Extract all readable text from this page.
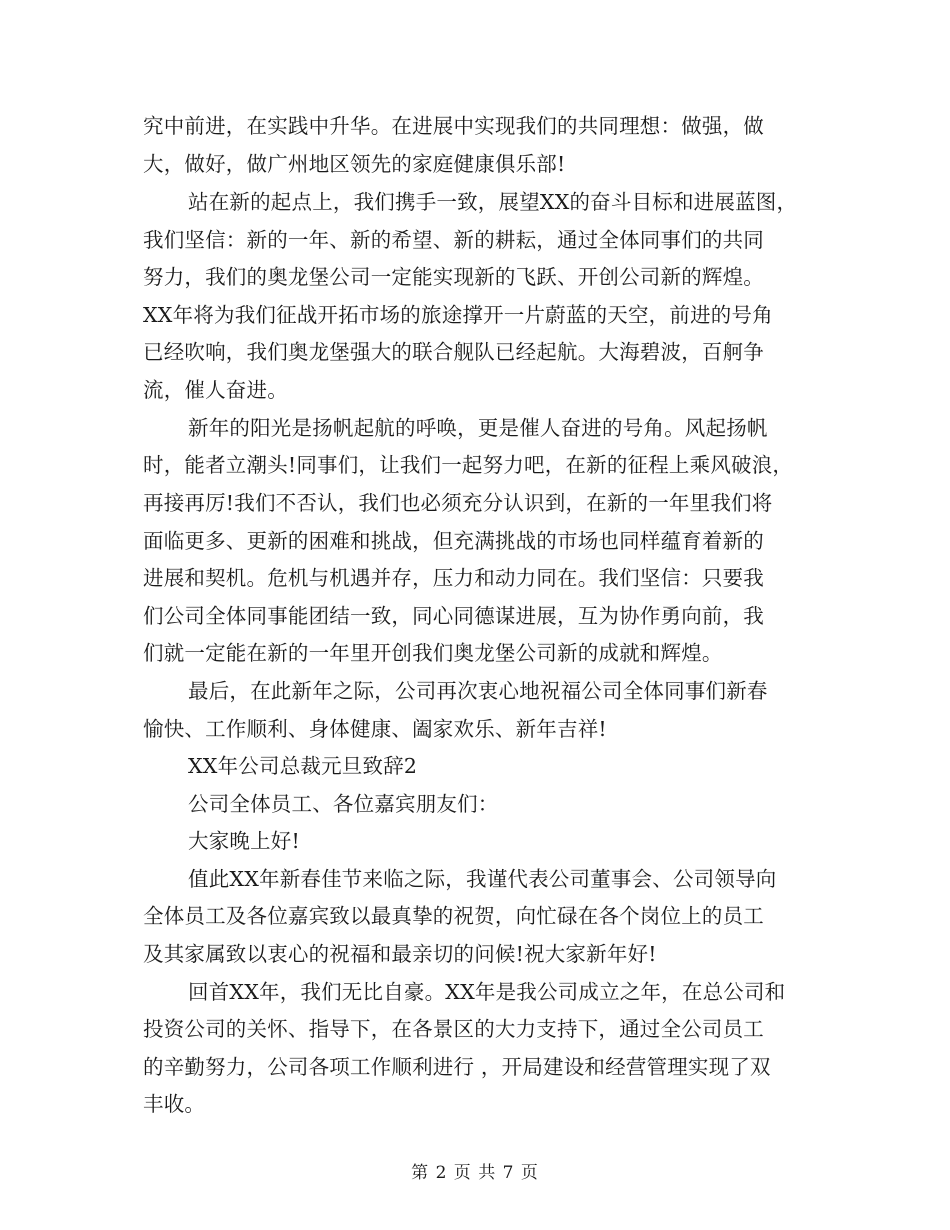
究中前进，在实践中升华。在进展中实现我们的共同理想：做强，做
大，做好，做广州地区领先的家庭健康俱乐部!
站在新的起点上，我们携手一致，展望XX的奋斗目标和进展蓝图，
我们坚信：新的一年、新的希望、新的耕耘，通过全体同事们的共同
努力，我们的奥龙堡公司一定能实现新的飞跃、开创公司新的辉煌。
XX年将为我们征战开拓市场的旅途撑开一片蔚蓝的天空，前进的号角
已经吹响，我们奥龙堡强大的联合舰队已经起航。大海碧波，百舸争
流，催人奋进。
新年的阳光是扬帆起航的呼唤，更是催人奋进的号角。风起扬帆
时，能者立潮头!同事们，让我们一起努力吧，在新的征程上乘风破浪，
再接再厉!我们不否认，我们也必须充分认识到，在新的一年里我们将
面临更多、更新的困难和挑战，但充满挑战的市场也同样蕴育着新的
进展和契机。危机与机遇并存，压力和动力同在。我们坚信：只要我
们公司全体同事能团结一致，同心同德谋进展，互为协作勇向前，我
们就一定能在新的一年里开创我们奥龙堡公司新的成就和辉煌。
最后，在此新年之际，公司再次衷心地祝福公司全体同事们新春
愉快、工作顺利、身体健康、阖家欢乐、新年吉祥!
XX年公司总裁元旦致辞2
公司全体员工、各位嘉宾朋友们：
大家晚上好!
值此XX年新春佳节来临之际，我谨代表公司董事会、公司领导向
全体员工及各位嘉宾致以最真挚的祝贺，向忙碌在各个岗位上的员工
及其家属致以衷心的祝福和最亲切的问候!祝大家新年好!
回首XX年，我们无比自豪。XX年是我公司成立之年，在总公司和
投资公司的关怀、指导下，在各景区的大力支持下，通过全公司员工
的辛勤努力，公司各项工作顺利进行 ，开局建设和经营管理实现了双
丰收。
第 2 页 共 7 页
